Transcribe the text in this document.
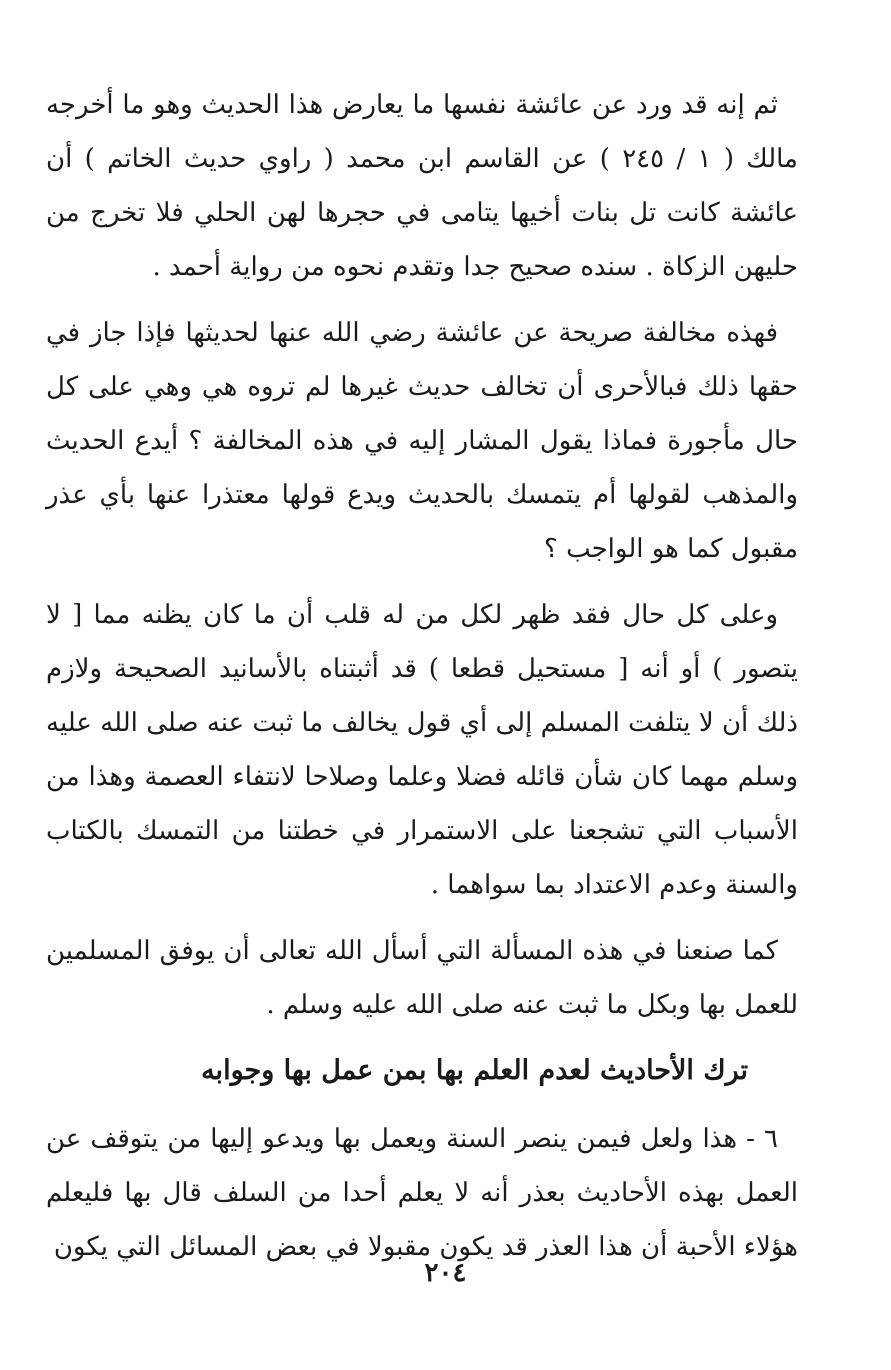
ثم إنه قد ورد عن عائشة نفسها ما يعارض هذا الحديث وهو ما أخرجه مالك ( ١ / ٢٤٥ ) عن القاسم ابن محمد ( راوي حديث الخاتم ) أن عائشة كانت تل بنات أخيها يتامى في حجرها لهن الحلي فلا تخرج من حليهن الزكاة . سنده صحيح جدا وتقدم نحوه من رواية أحمد .

فهذه مخالفة صريحة عن عائشة رضي الله عنها لحديثها فإذا جاز في حقها ذلك فبالأحرى أن تخالف حديث غيرها لم تروه هي وهي على كل حال مأجورة فماذا يقول المشار إليه في هذه المخالفة ؟ أيدع الحديث والمذهب لقولها أم يتمسك بالحديث ويدع قولها معتذرا عنها بأي عذر مقبول كما هو الواجب ؟

وعلى كل حال فقد ظهر لكل من له قلب أن ما كان يظنه مما [ لا يتصور ) أو أنه [ مستحيل قطعا ) قد أثبتناه بالأسانيد الصحيحة ولازم ذلك أن لا يتلفت المسلم إلى أي قول يخالف ما ثبت عنه صلى الله عليه وسلم مهما كان شأن قائله فضلا وعلما وصلاحا لانتفاء العصمة وهذا من الأسباب التي تشجعنا على الاستمرار في خطتنا من التمسك بالكتاب والسنة وعدم الاعتداد بما سواهما .

كما صنعنا في هذه المسألة التي أسأل الله تعالى أن يوفق المسلمين للعمل بها وبكل ما ثبت عنه صلى الله عليه وسلم .

ترك الأحاديث لعدم العلم بها بمن عمل بها وجوابه

٦ - هذا ولعل فيمن ينصر السنة ويعمل بها ويدعو إليها من يتوقف عن العمل بهذه الأحاديث بعذر أنه لا يعلم أحدا من السلف قال بها فليعلم هؤلاء الأحبة أن هذا العذر قد يكون مقبولا في بعض المسائل التي يكون

٢٠٤
